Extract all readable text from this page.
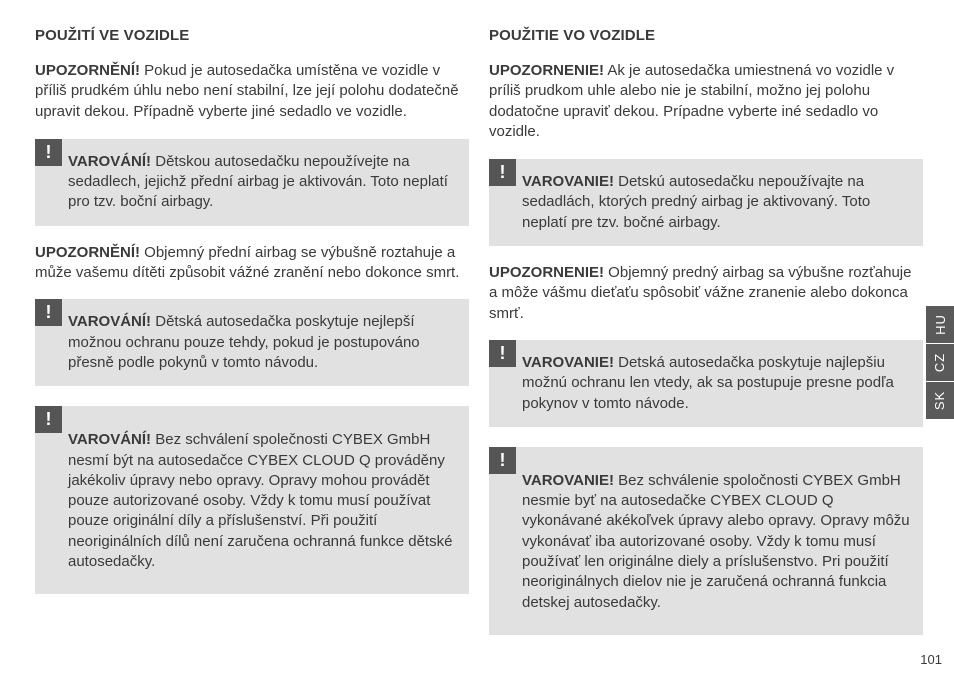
POUŽITÍ VE VOZIDLE

UPOZORNĚNÍ! Pokud je autosedačka umístěna ve vozidle v příliš prudkém úhlu nebo není stabilní, lze její polohu dodatečně upravit dekou. Případně vyberte jiné sedadlo ve vozidle.

!	VAROVÁNÍ! Dětskou autosedačku nepoužívejte na sedadlech, jejichž přední airbag je aktivován. Toto neplatí pro tzv. boční airbagy.

UPOZORNĚNÍ! Objemný přední airbag se výbušně roztahuje a může vašemu dítěti způsobit vážné zranění nebo dokonce smrt.

!	VAROVÁNÍ! Dětská autosedačka poskytuje nejlepší možnou ochranu pouze tehdy, pokud je postupováno přesně podle pokynů v tomto návodu.

!

VAROVÁNÍ! Bez schválení společnosti CYBEX GmbH nesmí být na autosedačce CYBEX CLOUD Q prováděny jakékoliv úpravy nebo opravy. Opravy mohou provádět pouze autorizované osoby. Vždy k tomu musí používat pouze originální díly a příslušenství. Při použití neoriginálních dílů není zaručena ochranná funkce dětské autosedačky.

POUŽITIE VO VOZIDLE

UPOZORNENIE! Ak je autosedačka umiestnená vo vozidle v príliš prudkom uhle alebo nie je stabilní, možno jej polohu dodatočne upraviť dekou. Prípadne vyberte iné sedadlo vo vozidle.

!	VAROVANIE! Detskú autosedačku nepoužívajte na sedadlách, ktorých predný airbag je aktivovaný. Toto neplatí pre tzv. bočné airbagy.

UPOZORNENIE! Objemný predný airbag sa výbušne rozťahuje a môže vášmu dieťaťu spôsobiť vážne zranenie alebo dokonca smrť.

!	VAROVANIE! Detská autosedačka poskytuje najlepšiu možnú ochranu len vtedy, ak sa postupuje presne podľa pokynov v tomto návode.

!

VAROVANIE! Bez schválenie spoločnosti CYBEX GmbH nesmie byť na autosedačke CYBEX CLOUD Q vykonávané akékoľvek úpravy alebo opravy. Opravy môžu vykonávať iba autorizované osoby. Vždy k tomu musí používať len originálne diely a príslušenstvo. Pri použití neoriginálnych dielov nie je zaručená ochranná funkcia detskej autosedačky.

HU
CZ
SK
101
